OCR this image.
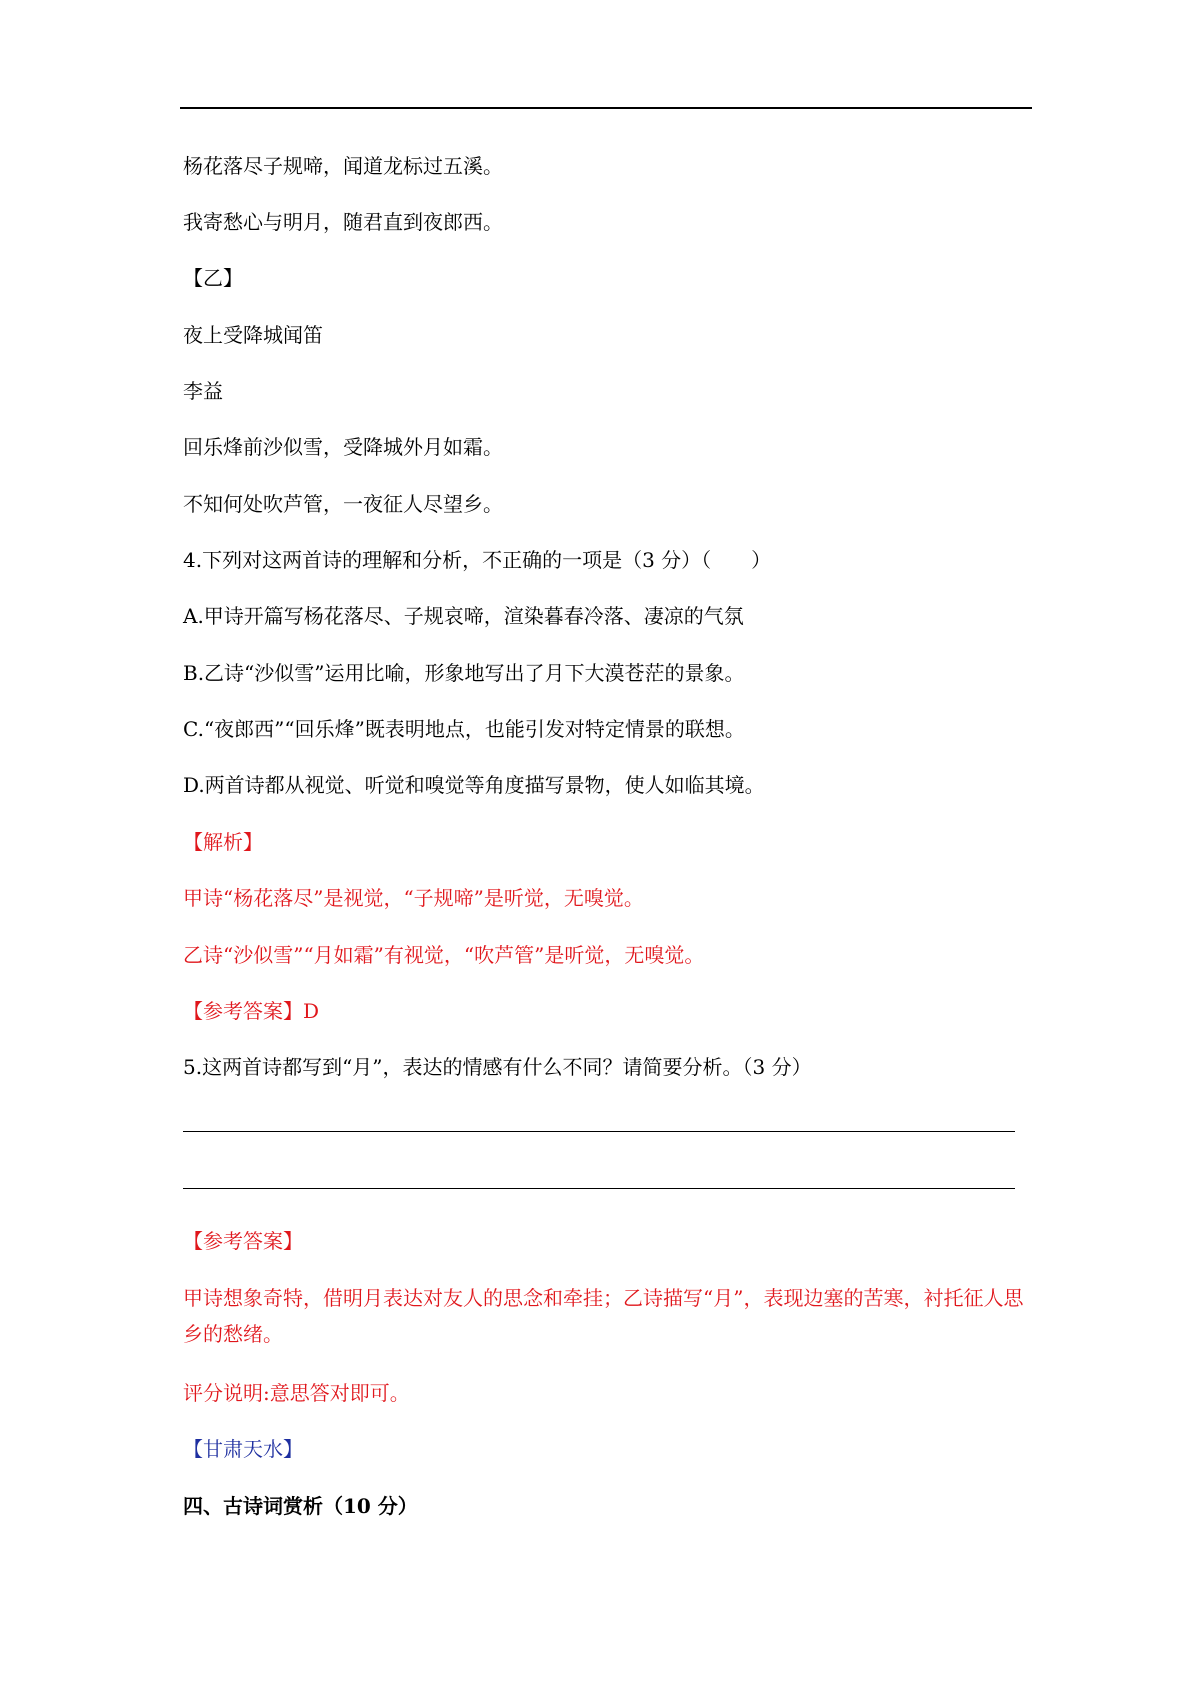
杨花落尽子规啼，闻道龙标过五溪。
我寄愁心与明月，随君直到夜郎西。
【乙】
夜上受降城闻笛
李益
回乐烽前沙似雪，受降城外月如霜。
不知何处吹芦管，一夜征人尽望乡。
4.下列对这两首诗的理解和分析，不正确的一项是（3 分）（　　）
A.甲诗开篇写杨花落尽、子规哀啼，渲染暮春冷落、凄凉的气氛
B.乙诗“沙似雪”运用比喻，形象地写出了月下大漠苍茫的景象。
C.“夜郎西”“回乐烽”既表明地点，也能引发对特定情景的联想。
D.两首诗都从视觉、听觉和嗅觉等角度描写景物，使人如临其境。
【解析】
甲诗“杨花落尽”是视觉，“子规啼”是听觉，无嗅觉。
乙诗“沙似雪”“月如霜”有视觉，“吹芦管”是听觉，无嗅觉。
【参考答案】D
5.这两首诗都写到“月”，表达的情感有什么不同？请简要分析。（3 分）
【参考答案】
甲诗想象奇特，借明月表达对友人的思念和牵挂；乙诗描写“月”，表现边塞的苦寒，衬托征人思乡的愁绪。
评分说明:意思答对即可。
【甘肃天水】
四、古诗词赏析（10 分）
